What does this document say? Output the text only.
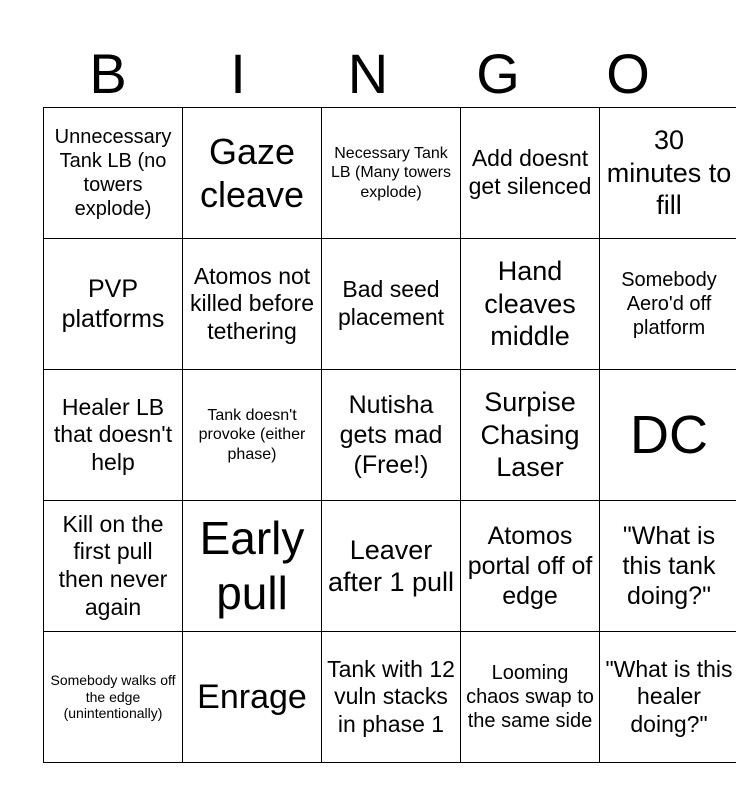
B	I	N	G	O
Unnecessary Tank LB (no towers explode)	Gaze cleave	Necessary Tank LB (Many towers explode)	Add doesnt get silenced	30 minutes to fill
PVP platforms	Atomos not killed before tethering	Bad seed placement	Hand cleaves middle	Somebody Aero'd off platform
Healer LB that doesn't help	Tank doesn't provoke (either phase)	Nutisha gets mad (Free!)	Surpise Chasing Laser	DC
Kill on the first pull then never again	Early pull	Leaver after 1 pull	Atomos portal off of edge	"What is this tank doing?"
Somebody walks off the edge (unintentionally)	Enrage	Tank with 12 vuln stacks in phase 1	Looming chaos swap to the same side	"What is this healer doing?"
